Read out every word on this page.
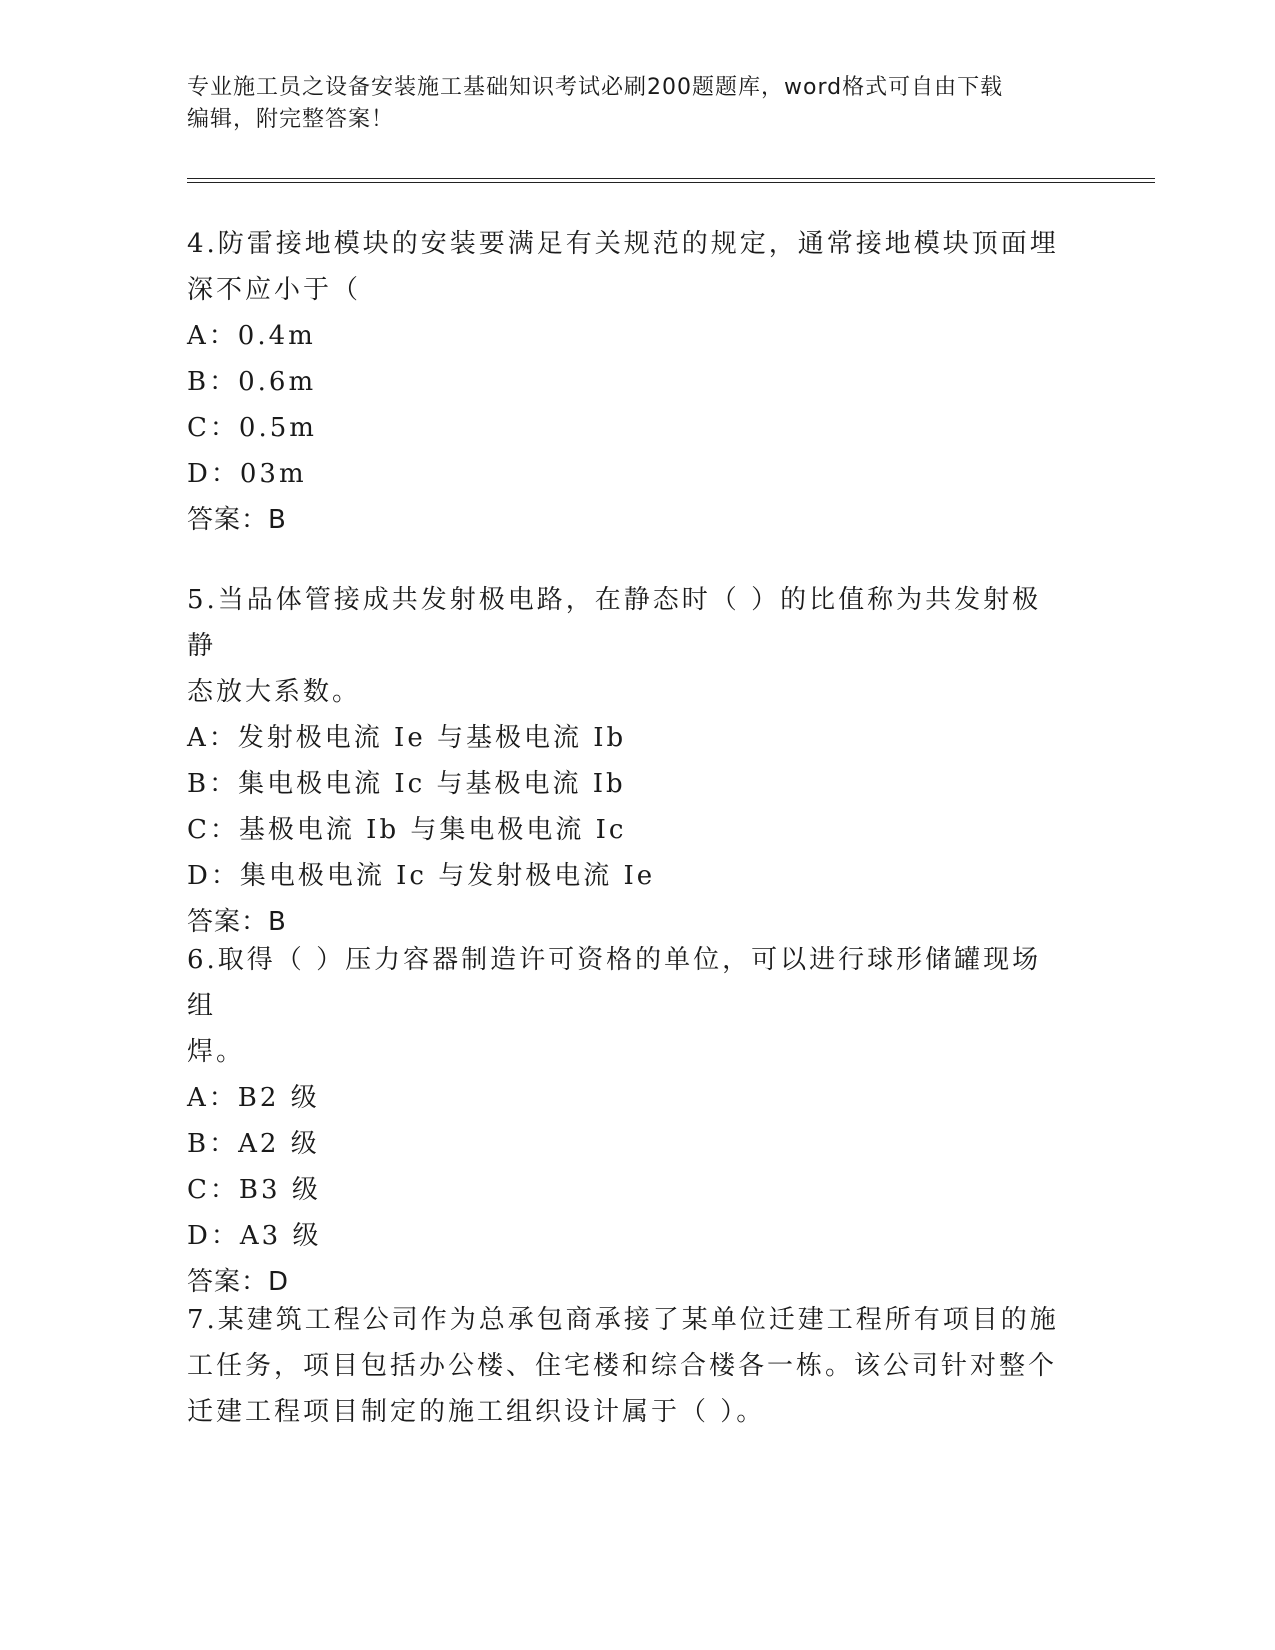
专业施工员之设备安装施工基础知识考试必刷200题题库，word格式可自由下载
编辑，附完整答案！

4.防雷接地模块的安装要满足有关规范的规定，通常接地模块顶面埋

深不应小于（

A：0.4m

B：0.6m

C：0.5m

D：03m

答案：B

5.当品体管接成共发射极电路，在静态时（ ）的比值称为共发射极静

态放大系数。

A：发射极电流 Ie 与基极电流 Ib

B：集电极电流 Ic 与基极电流 Ib

C：基极电流 Ib 与集电极电流 Ic

D：集电极电流 Ic 与发射极电流 Ie

答案：B

6.取得（ ）压力容器制造许可资格的单位，可以进行球形储罐现场组

焊。

A：B2 级

B：A2 级

C：B3 级

D：A3 级

答案：D

7.某建筑工程公司作为总承包商承接了某单位迁建工程所有项目的施

工任务，项目包括办公楼、住宅楼和综合楼各一栋。该公司针对整个

迁建工程项目制定的施工组织设计属于（ ）。
